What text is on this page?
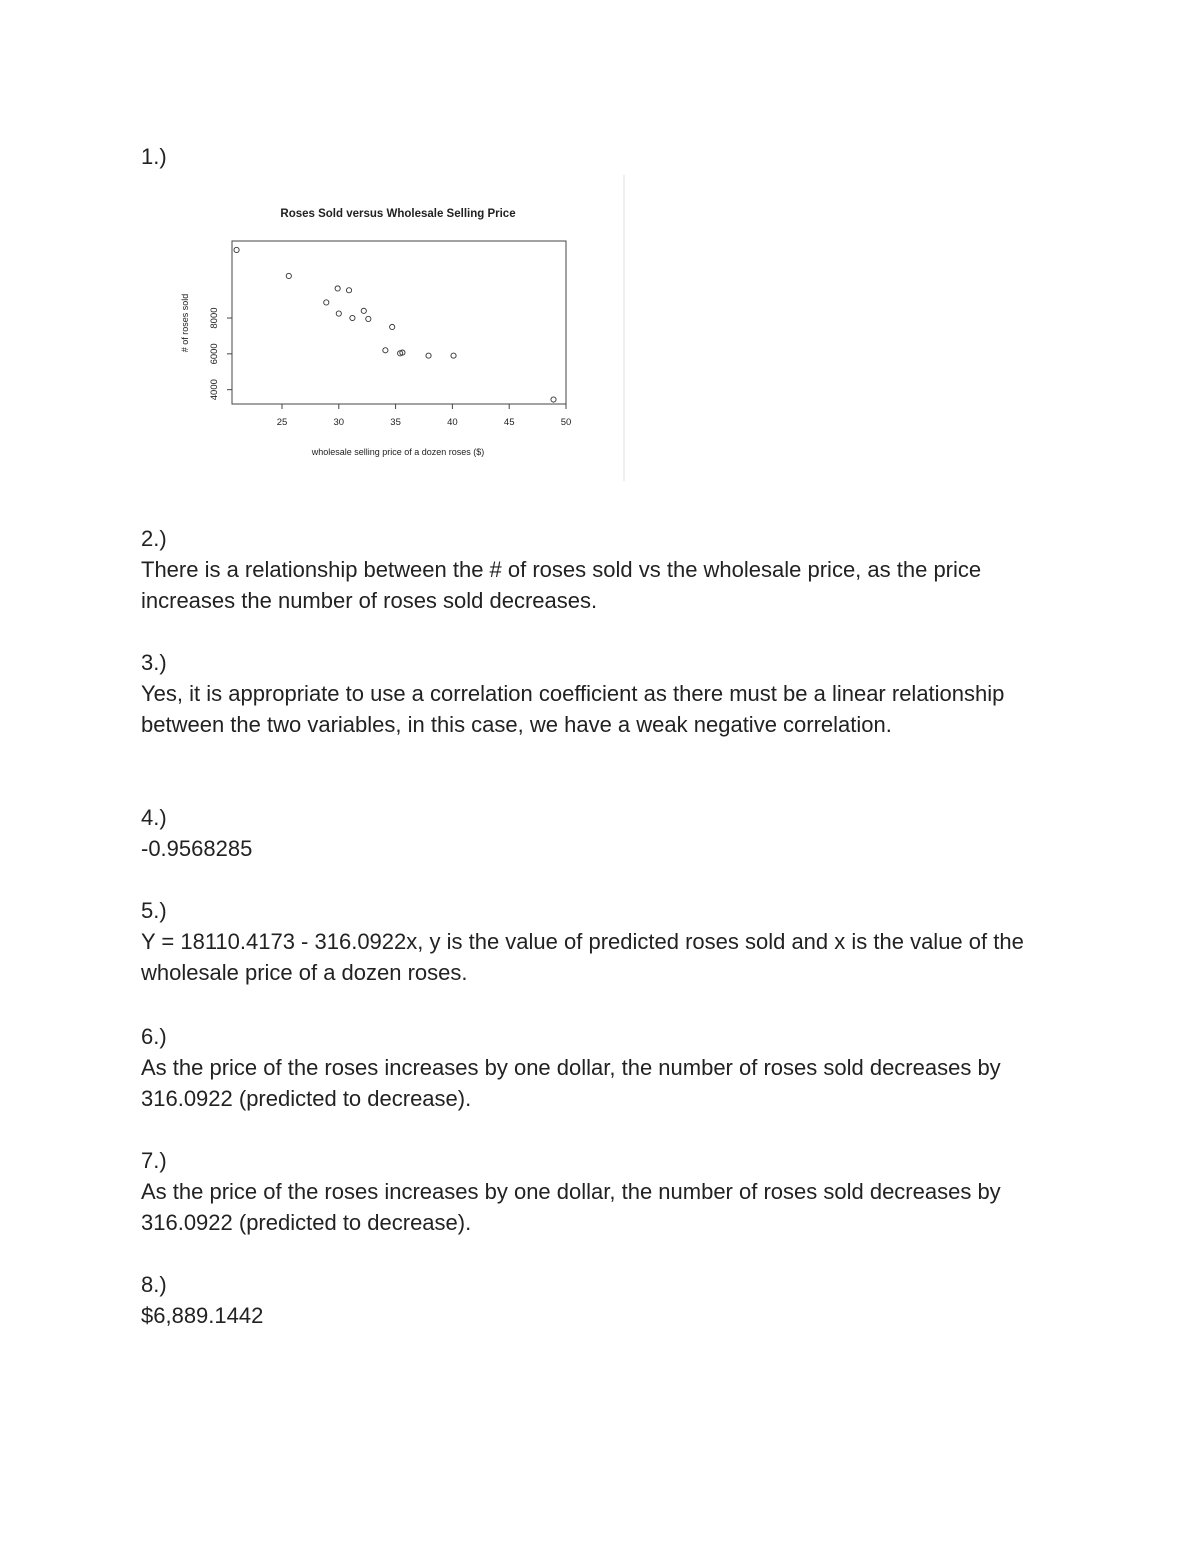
1.)
Roses Sold versus Wholesale Selling Price
wholesale selling price of a dozen roses ($)
# of roses sold
25	30	35	40	45	50
4000
6000
8000
2.)
There is a relationship between the # of roses sold vs the wholesale price, as the price increases the number of roses sold decreases.
3.)
Yes, it is appropriate to use a correlation coefficient as there must be a linear relationship between the two variables, in this case, we have a weak negative correlation.
4.)
-0.9568285
5.)
Y = 18110.4173 - 316.0922x, y is the value of predicted roses sold and x is the value of the wholesale price of a dozen roses.
6.)
As the price of the roses increases by one dollar, the number of roses sold decreases by 316.0922 (predicted to decrease).
7.)
As the price of the roses increases by one dollar, the number of roses sold decreases by 316.0922 (predicted to decrease).
8.)
$6,889.1442
